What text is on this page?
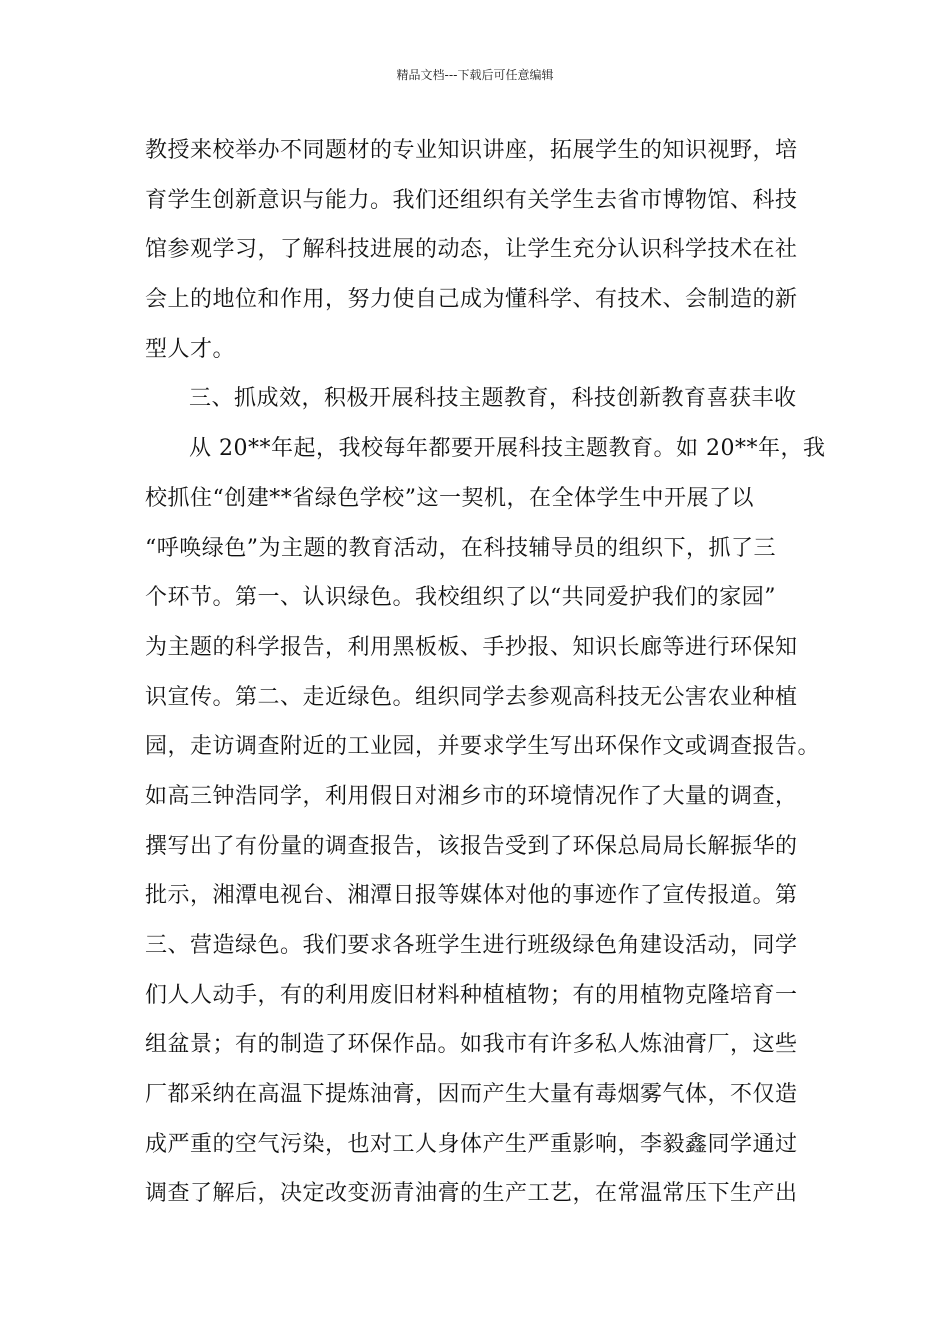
精品文档---下载后可任意编辑
教授来校举办不同题材的专业知识讲座，拓展学生的知识视野，培
育学生创新意识与能力。我们还组织有关学生去省市博物馆、科技
馆参观学习，了解科技进展的动态，让学生充分认识科学技术在社
会上的地位和作用，努力使自己成为懂科学、有技术、会制造的新
型人才。
三、抓成效，积极开展科技主题教育，科技创新教育喜获丰收
从 20**年起，我校每年都要开展科技主题教育。如 20**年，我
校抓住“创建**省绿色学校”这一契机，在全体学生中开展了以
“呼唤绿色”为主题的教育活动，在科技辅导员的组织下，抓了三
个环节。第一、认识绿色。我校组织了以“共同爱护我们的家园”
为主题的科学报告，利用黑板板、手抄报、知识长廊等进行环保知
识宣传。第二、走近绿色。组织同学去参观高科技无公害农业种植
园，走访调查附近的工业园，并要求学生写出环保作文或调查报告。
如高三钟浩同学，利用假日对湘乡市的环境情况作了大量的调查，
撰写出了有份量的调查报告，该报告受到了环保总局局长解振华的
批示，湘潭电视台、湘潭日报等媒体对他的事迹作了宣传报道。第
三、营造绿色。我们要求各班学生进行班级绿色角建设活动，同学
们人人动手，有的利用废旧材料种植植物；有的用植物克隆培育一
组盆景；有的制造了环保作品。如我市有许多私人炼油膏厂，这些
厂都采纳在高温下提炼油膏，因而产生大量有毒烟雾气体，不仅造
成严重的空气污染，也对工人身体产生严重影响，李毅鑫同学通过
调查了解后，决定改变沥青油膏的生产工艺，在常温常压下生产出
